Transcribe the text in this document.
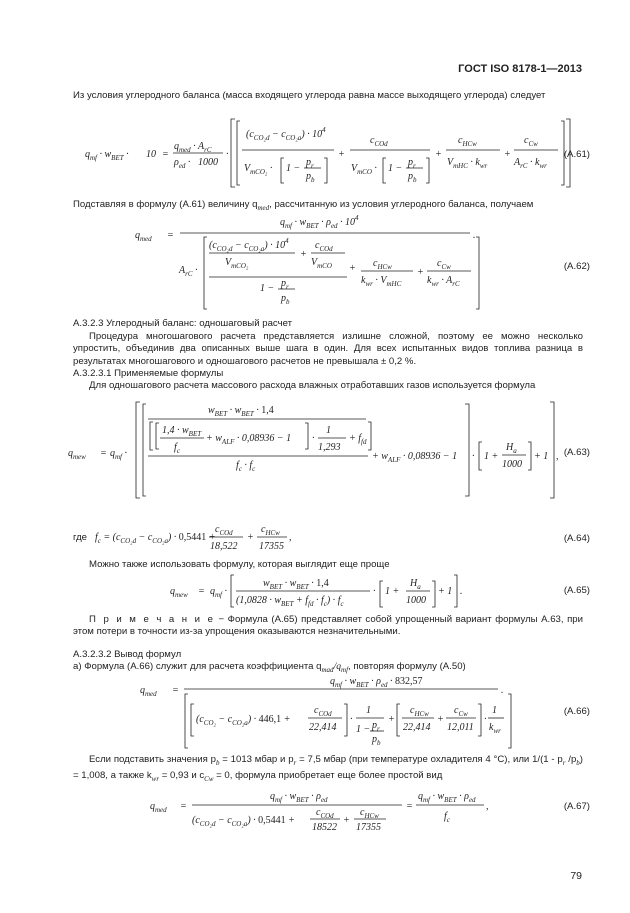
ГОСТ ISO 8178-1—2013
Из условия углеродного баланса (масса входящего углерода равна массе выходящего углерода) следует
$q_{mf} \cdot w_{BET} \cdot 10$ =
$q_{med} \cdot A_{rC}$
$\rho_{ed} \cdot 1000$
·
$(c_{CO_2d} - c_{CO_2a}) \cdot 10^4$
$V_{mCO_2} \cdot 1$ −
$p_r$
$p_b$
+
$c_{COd}$
$V_{mCO} \cdot 1$ −
$p_r$
$p_b$
+
$c_{HCw}$
$V_{mHC} \cdot k_{wr}$
+
$c_{Cw}$
$A_{rC} \cdot k_{wr}$
(А.61)
Подставляя в формулу (А.61) величину $q_{med}$, рассчитанную из условия углеродного баланса, получаем
$q_{med}$ =
$q_{mf} \cdot w_{BET} \cdot \rho_{ed} \cdot 10^4$
.
$A_{rC}$ ·
$(c_{CO_2d} - c_{CO_2a}) \cdot 10^4$
$V_{mCO_2}$
+
$c_{COd}$
$V_{mCO} + c_{HCw}$
$k_{wr} \cdot V_{mHC}$
+
$c_{Cw}$
$k_{wr} \cdot A_{rC}$
$1 - p_r$
$p_b$
(А.62)
А.3.2.3 Углеродный баланс: одношаговый расчет
Процедура многошагового расчета представляется излишне сложной, поэтому ее можно несколько упростить, объединив два описанных выше шага в один. Для всех испытанных видов топлива разница в результатах многошагового и одношагового расчетов не превышала ± 0,2 %.
А.3.2.3.1 Применяемые формулы
Для одношагового расчета массового расхода влажных отработавших газов используется формула
$q_{mew} = q_{mf}$ ·
$w_{BET} \cdot w_{BET} \cdot 1,4$
$1,4 \cdot w_{BET}$
$f_c$
+ $w_{ALF} \cdot 0,08936 - 1$ ·
1
1,293
+ $f_{fd}$
$f_c \cdot f_c$
+ $w_{ALF} \cdot 0,08936 - 1 \cdot 1$ +
$H_a$
1000
+ 1 , (А.63)
где $f_c = (c_{CO_2d} - c_{CO_2a}) \cdot 0,5441$ +
$c_{COd}$
18,522
+
$c_{HCw}$
17355
,	(А.64)
Можно также использовать формулу, которая выглядит еще проще
$q_{mew} = q_{mf}$ ·
$w_{BET} \cdot w_{BET} \cdot 1,4$
$(1,0828 \cdot w_{BET} + f_{fd} \cdot f_c) \cdot f_c$
· 1 +
$H_a$
1000
+ 1 .	(А.65)
П р и м е ч а н и е − Формула (А.65) представляет собой упрощенный вариант формулы А.63, при этом потери в точности из-за упрощения оказываются незначительными.
А.3.2.3.2 Вывод формул
а) Формула (А.66) служит для расчета коэффициента $q_{mad}/q_{mf}$, повторяя формулу (А.50)
$q_{med}$ =
$q_{mf} \cdot w_{BET} \cdot \rho_{ed} \cdot 832,57$
.
$(c_{CO_2} - c_{CO_2a}) \cdot 446,1$ +
$c_{COd}$
22,414
·
1
$1 - p_r$
$p_b$
+
$c_{HCw}$
22,414
+
$c_{Cw}$
12,011
·
1
$k_{wr}$
(А.66)
Если подставить значения $p_b = 1013$ мбар и $p_r = 7,5$ мбар (при температуре охладителя 4 °С), или $1/(1 - p_r$ $/p_b) = 1,008$, а также $k_{wr} = 0,93$ и $c_{Cw} = 0$, формула приобретает еще более простой вид
$q_{med}$ =
$q_{mf} \cdot w_{BET} \cdot \rho_{ed}$
$(c_{CO_2d} - c_{CO_2a}) \cdot 0,5441$ +
$c_{COd}$
18522
+
$c_{HCw}$
17355
=
$q_{mf} \cdot w_{BET} \cdot \rho_{ed}$
,
$f_c$
(А.67)
79
